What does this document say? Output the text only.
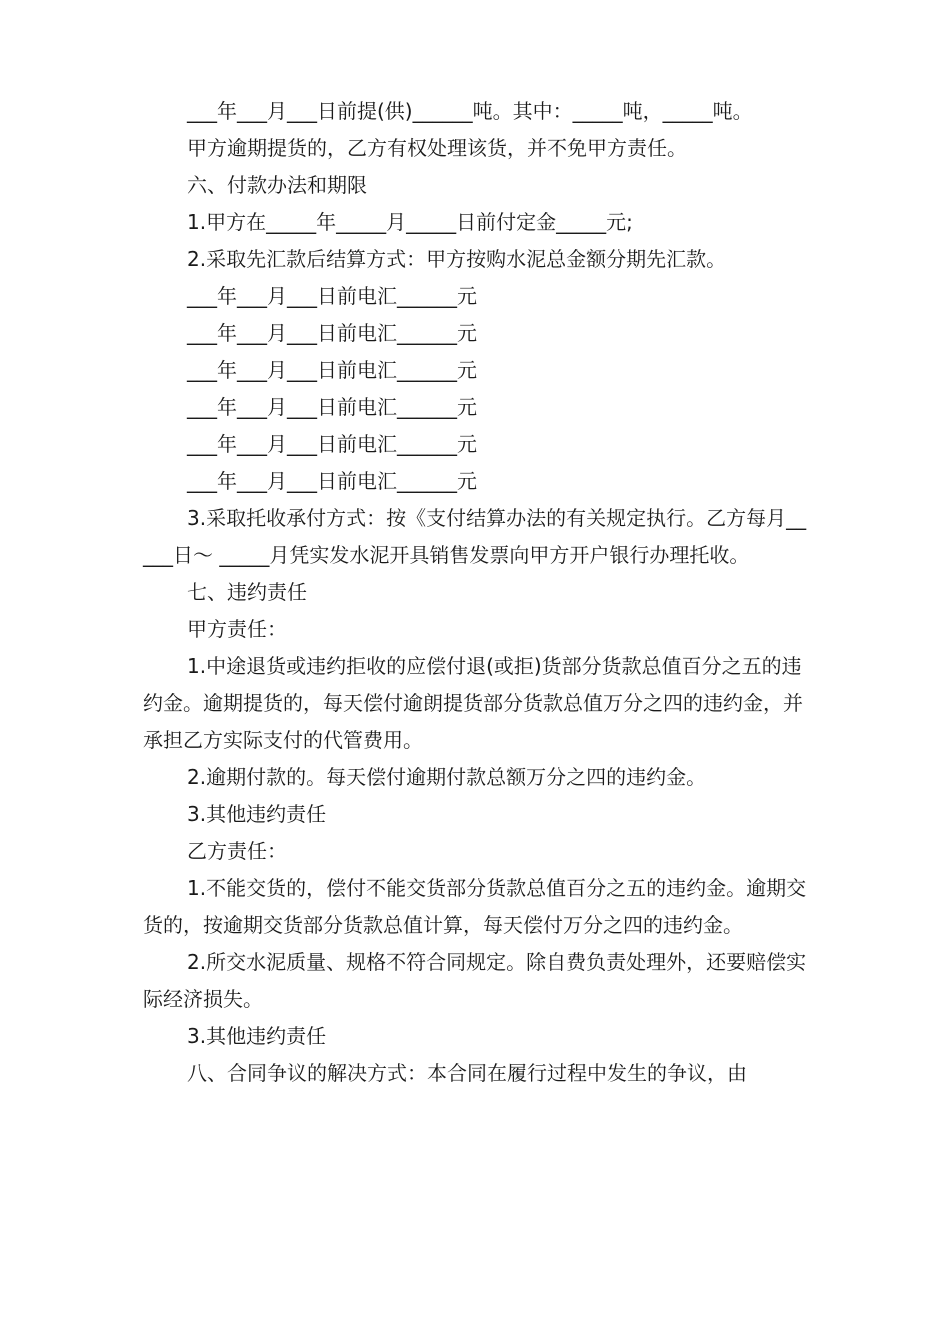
___年___月___日前提(供)______吨。其中：_____吨，_____吨。

甲方逾期提货的，乙方有权处理该货，并不免甲方责任。

六、付款办法和期限

1.甲方在_____年_____月_____日前付定金_____元;

2.采取先汇款后结算方式：甲方按购水泥总金额分期先汇款。

___年___月___日前电汇______元

___年___月___日前电汇______元

___年___月___日前电汇______元

___年___月___日前电汇______元

___年___月___日前电汇______元

___年___月___日前电汇______元

3.采取托收承付方式：按《支付结算办法的有关规定执行。乙方每月_____日～ _____月凭实发水泥开具销售发票向甲方开户银行办理托收。

七、违约责任

甲方责任：

1.中途退货或违约拒收的应偿付退(或拒)货部分货款总值百分之五的违约金。逾期提货的，每天偿付逾朗提货部分货款总值万分之四的违约金，并承担乙方实际支付的代管费用。

2.逾期付款的。每天偿付逾期付款总额万分之四的违约金。

3.其他违约责任

乙方责任：

1.不能交货的，偿付不能交货部分货款总值百分之五的违约金。逾期交货的，按逾期交货部分货款总值计算，每天偿付万分之四的违约金。

2.所交水泥质量、规格不符合同规定。除自费负责处理外，还要赔偿实际经济损失。

3.其他违约责任

八、合同争议的解决方式：本合同在履行过程中发生的争议，由
